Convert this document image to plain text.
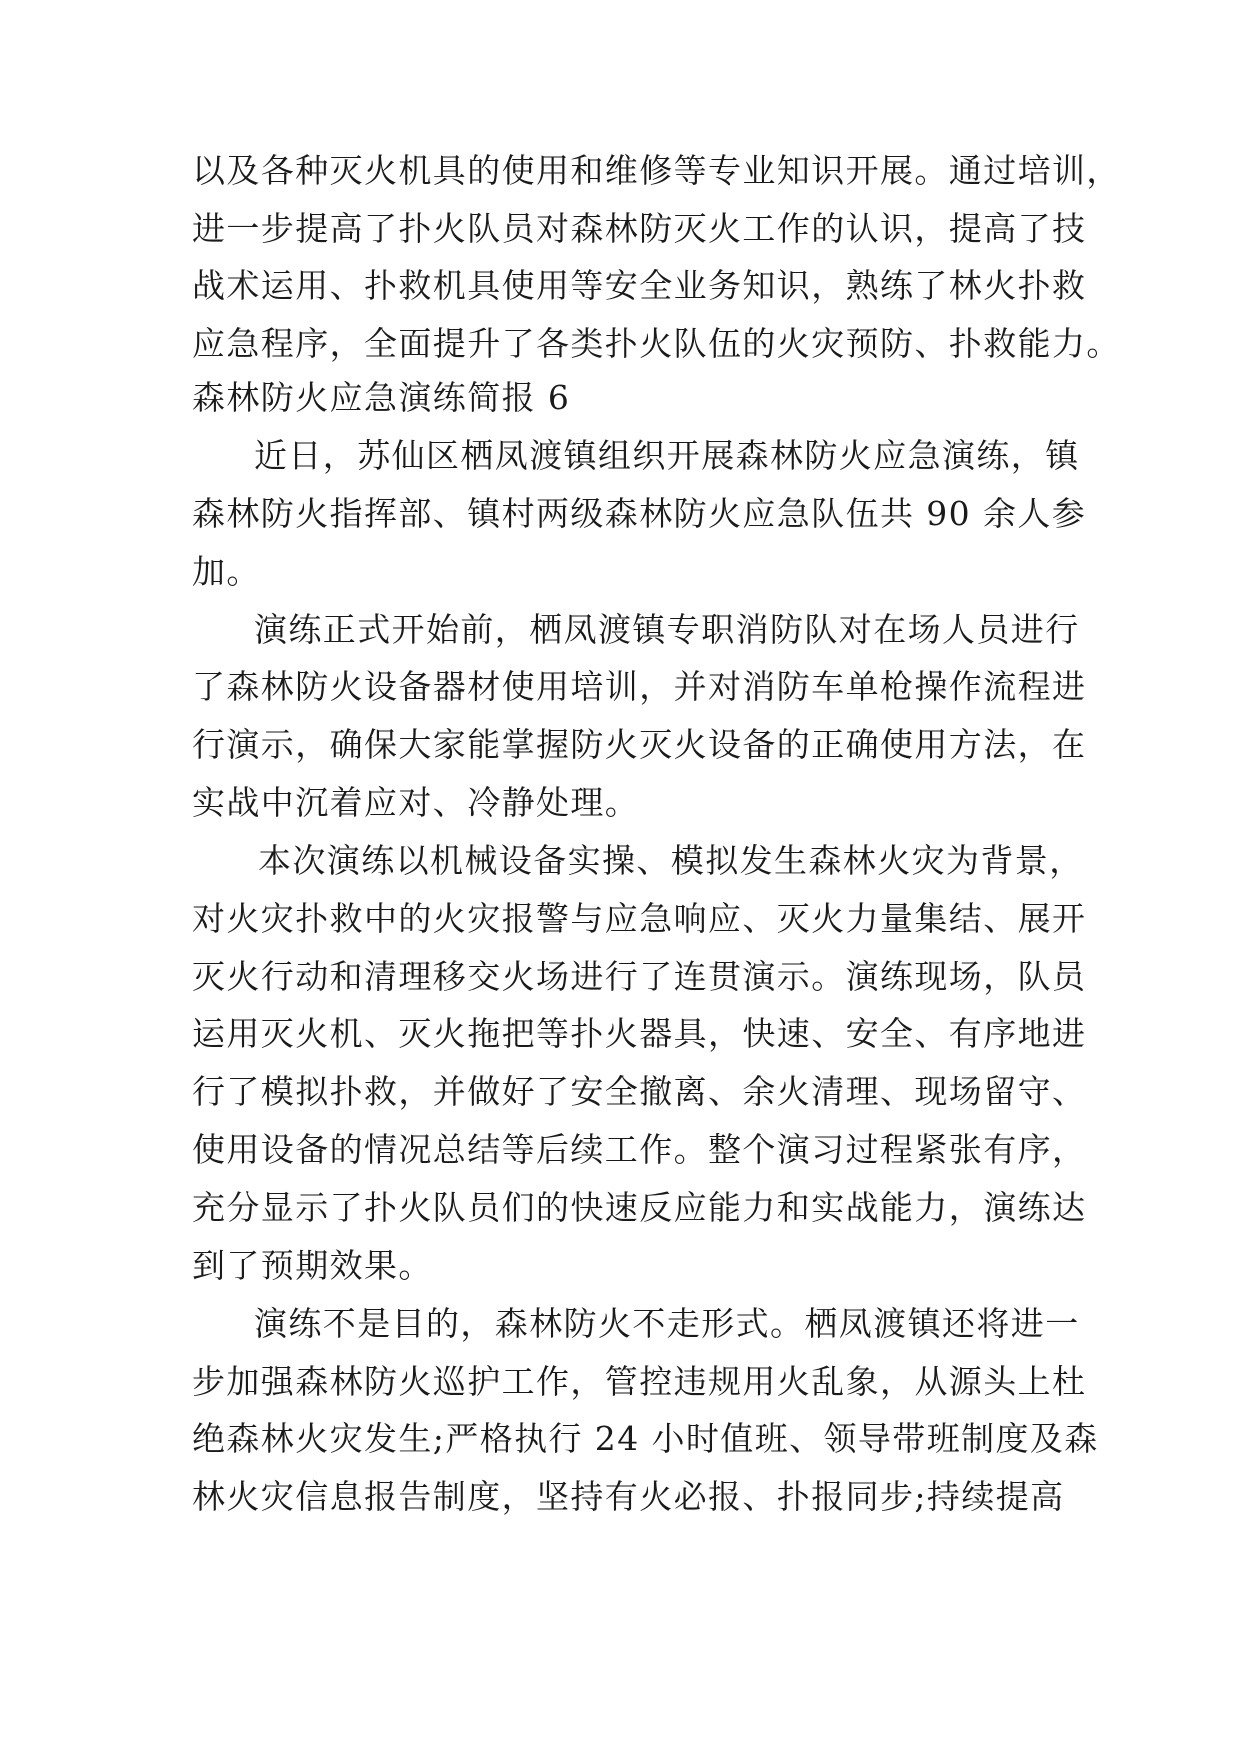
以及各种灭火机具的使用和维修等专业知识开展。通过培训，
进一步提高了扑火队员对森林防灭火工作的认识，提高了技
战术运用、扑救机具使用等安全业务知识，熟练了林火扑救
应急程序，全面提升了各类扑火队伍的火灾预防、扑救能力。
森林防火应急演练简报 6
近日，苏仙区栖凤渡镇组织开展森林防火应急演练，镇
森林防火指挥部、镇村两级森林防火应急队伍共 90 余人参
加。
演练正式开始前，栖凤渡镇专职消防队对在场人员进行
了森林防火设备器材使用培训，并对消防车单枪操作流程进
行演示，确保大家能掌握防火灭火设备的正确使用方法，在
实战中沉着应对、冷静处理。
本次演练以机械设备实操、模拟发生森林火灾为背景，
对火灾扑救中的火灾报警与应急响应、灭火力量集结、展开
灭火行动和清理移交火场进行了连贯演示。演练现场，队员
运用灭火机、灭火拖把等扑火器具，快速、安全、有序地进
行了模拟扑救，并做好了安全撤离、余火清理、现场留守、
使用设备的情况总结等后续工作。整个演习过程紧张有序，
充分显示了扑火队员们的快速反应能力和实战能力，演练达
到了预期效果。
演练不是目的，森林防火不走形式。栖凤渡镇还将进一
步加强森林防火巡护工作，管控违规用火乱象，从源头上杜
绝森林火灾发生;严格执行 24 小时值班、领导带班制度及森
林火灾信息报告制度，坚持有火必报、扑报同步;持续提高
